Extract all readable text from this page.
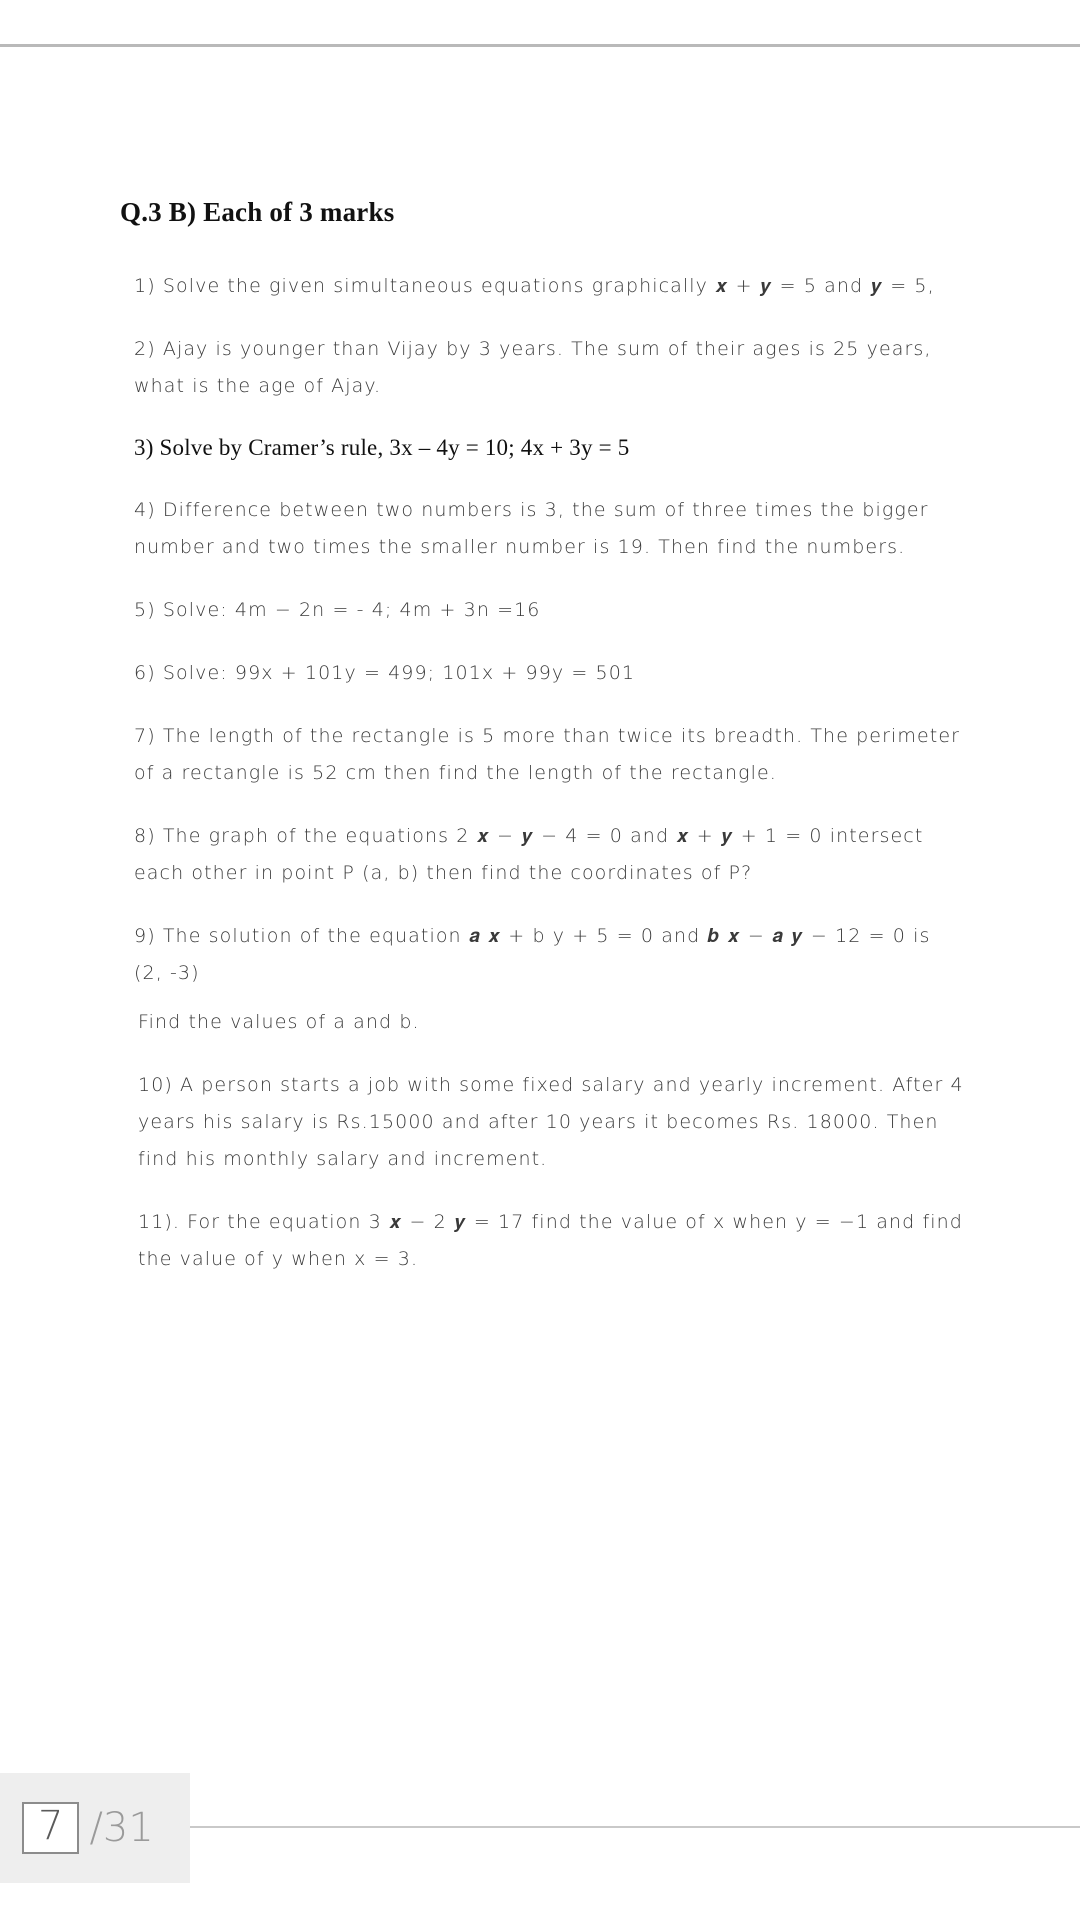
Q.3 B) Each of 3 marks

1) Solve the given simultaneous equations graphically 𝒙 + 𝒚 = 5 and 𝒚 = 5,

2) Ajay is younger than Vijay by 3 years. The sum of their ages is 25 years, what is the age of Ajay.

3) Solve by Cramer’s rule, 3x – 4y = 10; 4x + 3y = 5

4) Difference between two numbers is 3, the sum of three times the bigger number and two times the smaller number is 19. Then find the numbers.

5) Solve: 4m − 2n = - 4; 4m + 3n =16

6) Solve: 99x + 101y = 499; 101x + 99y = 501

7) The length of the rectangle is 5 more than twice its breadth. The perimeter of a rectangle is 52 cm then find the length of the rectangle.

8) The graph of the equations 2 𝒙 − 𝒚 − 4 = 0 and 𝒙 + 𝒚 + 1 = 0 intersect each other in point P (a, b) then find the coordinates of P?

9) The solution of the equation 𝒂 𝒙 + b y + 5 = 0 and 𝒃 𝒙 − 𝒂 𝒚 − 12 = 0 is (2, -3)

Find the values of a and b.

10) A person starts a job with some fixed salary and yearly increment. After 4 years his salary is Rs.15000 and after 10 years it becomes Rs. 18000. Then find his monthly salary and increment.

11). For the equation 3 𝒙 − 2 𝒚 = 17 find the value of x when y = −1 and find the value of y when x = 3.

7 /31
